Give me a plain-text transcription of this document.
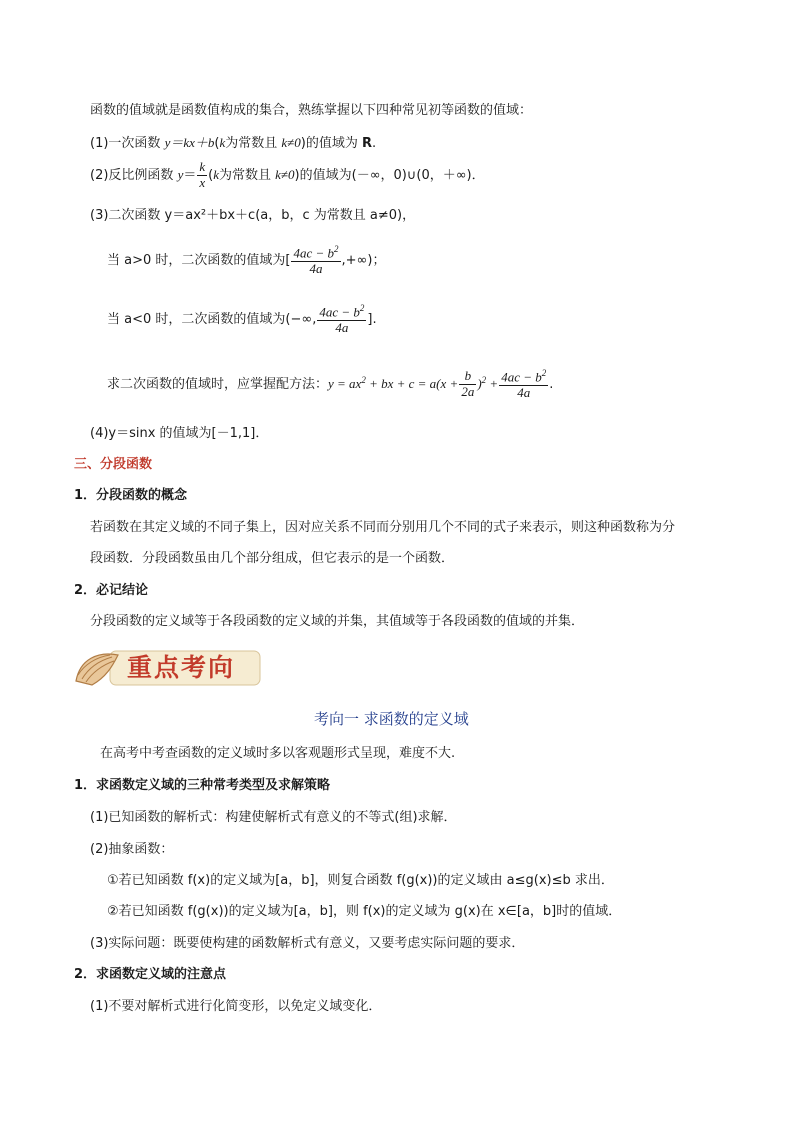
函数的值域就是函数值构成的集合，熟练掌握以下四种常见初等函数的值域：
(1)一次函数 y＝kx＋b(k为常数且 k≠0)的值域为 R.
(2)反比例函数 $y= \frac{k}{x} (k$为常数且 k≠0)的值域为(－∞，0)∪(0，＋∞)．
(3)二次函数 y＝ax²＋bx＋c(a，b，c 为常数且 a≠0)，
当 a>0 时，二次函数的值域为[ $\frac{4ac - b^2}{4a}$ ,+∞)；
当 a<0 时，二次函数的值域为(−∞, $\frac{4ac - b^2}{4a}$ ].
求二次函数的值域时，应掌握配方法：$y = ax^2$ + bx + $c = a(x + \frac{b}{2a} )^2 + \frac{4ac - b^2}{4a}$ .
(4)y＝sinx 的值域为[－1,1]．
三、分段函数
1．分段函数的概念
若函数在其定义域的不同子集上，因对应关系不同而分别用几个不同的式子来表示，则这种函数称为分
段函数．分段函数虽由几个部分组成，但它表示的是一个函数．
2．必记结论
分段函数的定义域等于各段函数的定义域的并集，其值域等于各段函数的值域的并集．
重点考向
考向一 求函数的定义域
在高考中考查函数的定义域时多以客观题形式呈现，难度不大.
1．求函数定义域的三种常考类型及求解策略
(1)已知函数的解析式：构建使解析式有意义的不等式(组)求解．
(2)抽象函数：
①若已知函数 f(x)的定义域为[a，b]，则复合函数 f(g(x))的定义域由 a≤g(x)≤b 求出．
②若已知函数 f(g(x))的定义域为[a，b]，则 f(x)的定义域为 g(x)在 x∈[a，b]时的值域．
(3)实际问题：既要使构建的函数解析式有意义，又要考虑实际问题的要求．
2．求函数定义域的注意点
(1)不要对解析式进行化简变形，以免定义域变化．
